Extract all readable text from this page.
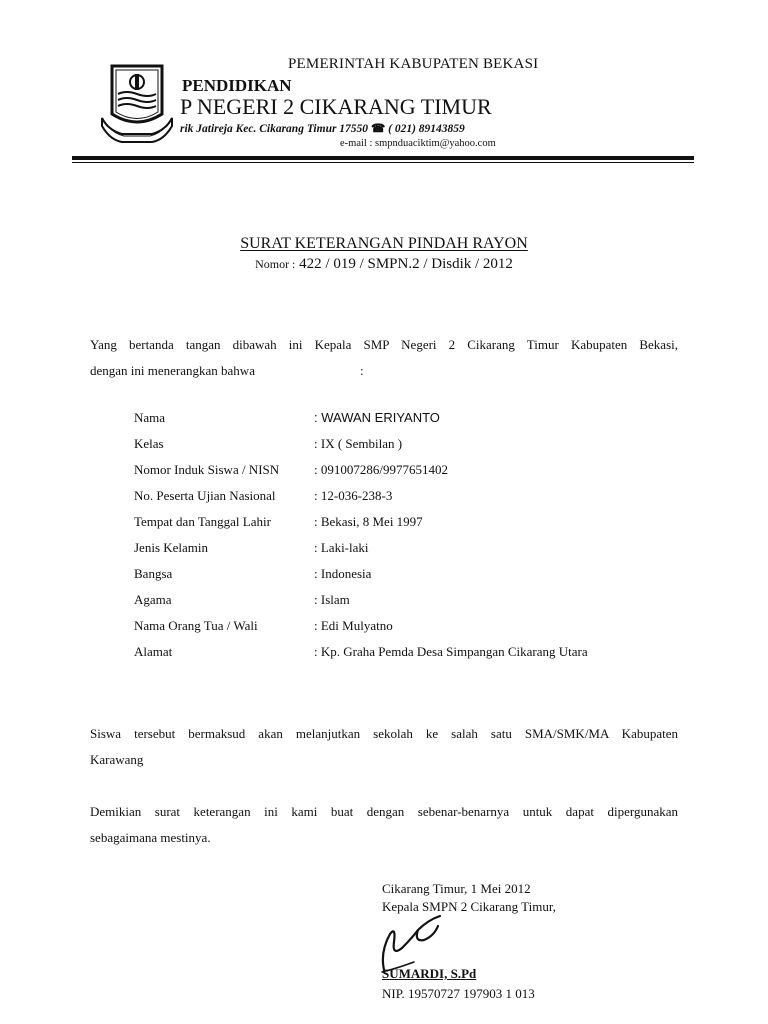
PEMERINTAH KABUPATEN BEKASI
PENDIDIKAN
P NEGERI 2 CIKARANG TIMUR
rik Jatireja Kec. Cikarang Timur 17550 ☎ ( 021) 89143859
e-mail : smpnduaciktim@yahoo.com
SURAT KETERANGAN PINDAH RAYON
Nomor : 422 / 019 / SMPN.2 / Disdik / 2012
Yang bertanda tangan dibawah ini Kepala SMP Negeri 2 Cikarang Timur Kabupaten Bekasi,
dengan ini menerangkan bahwa	:
Nama	: WAWAN ERIYANTO
Kelas	: IX ( Sembilan )
Nomor Induk Siswa / NISN	: 091007286/9977651402
No. Peserta Ujian Nasional	: 12-036-238-3
Tempat dan Tanggal Lahir	: Bekasi, 8 Mei 1997
Jenis Kelamin	: Laki-laki
Bangsa	: Indonesia
Agama	: Islam
Nama Orang Tua / Wali	: Edi Mulyatno
Alamat	: Kp. Graha Pemda Desa Simpangan Cikarang Utara
Siswa tersebut bermaksud akan melanjutkan sekolah ke salah satu SMA/SMK/MA Kabupaten
Karawang
Demikian surat keterangan ini kami buat dengan sebenar-benarnya untuk dapat dipergunakan
sebagaimana mestinya.
Cikarang Timur, 1 Mei 2012
Kepala SMPN 2 Cikarang Timur,
SUMARDI, S.Pd
NIP. 19570727 197903 1 013
